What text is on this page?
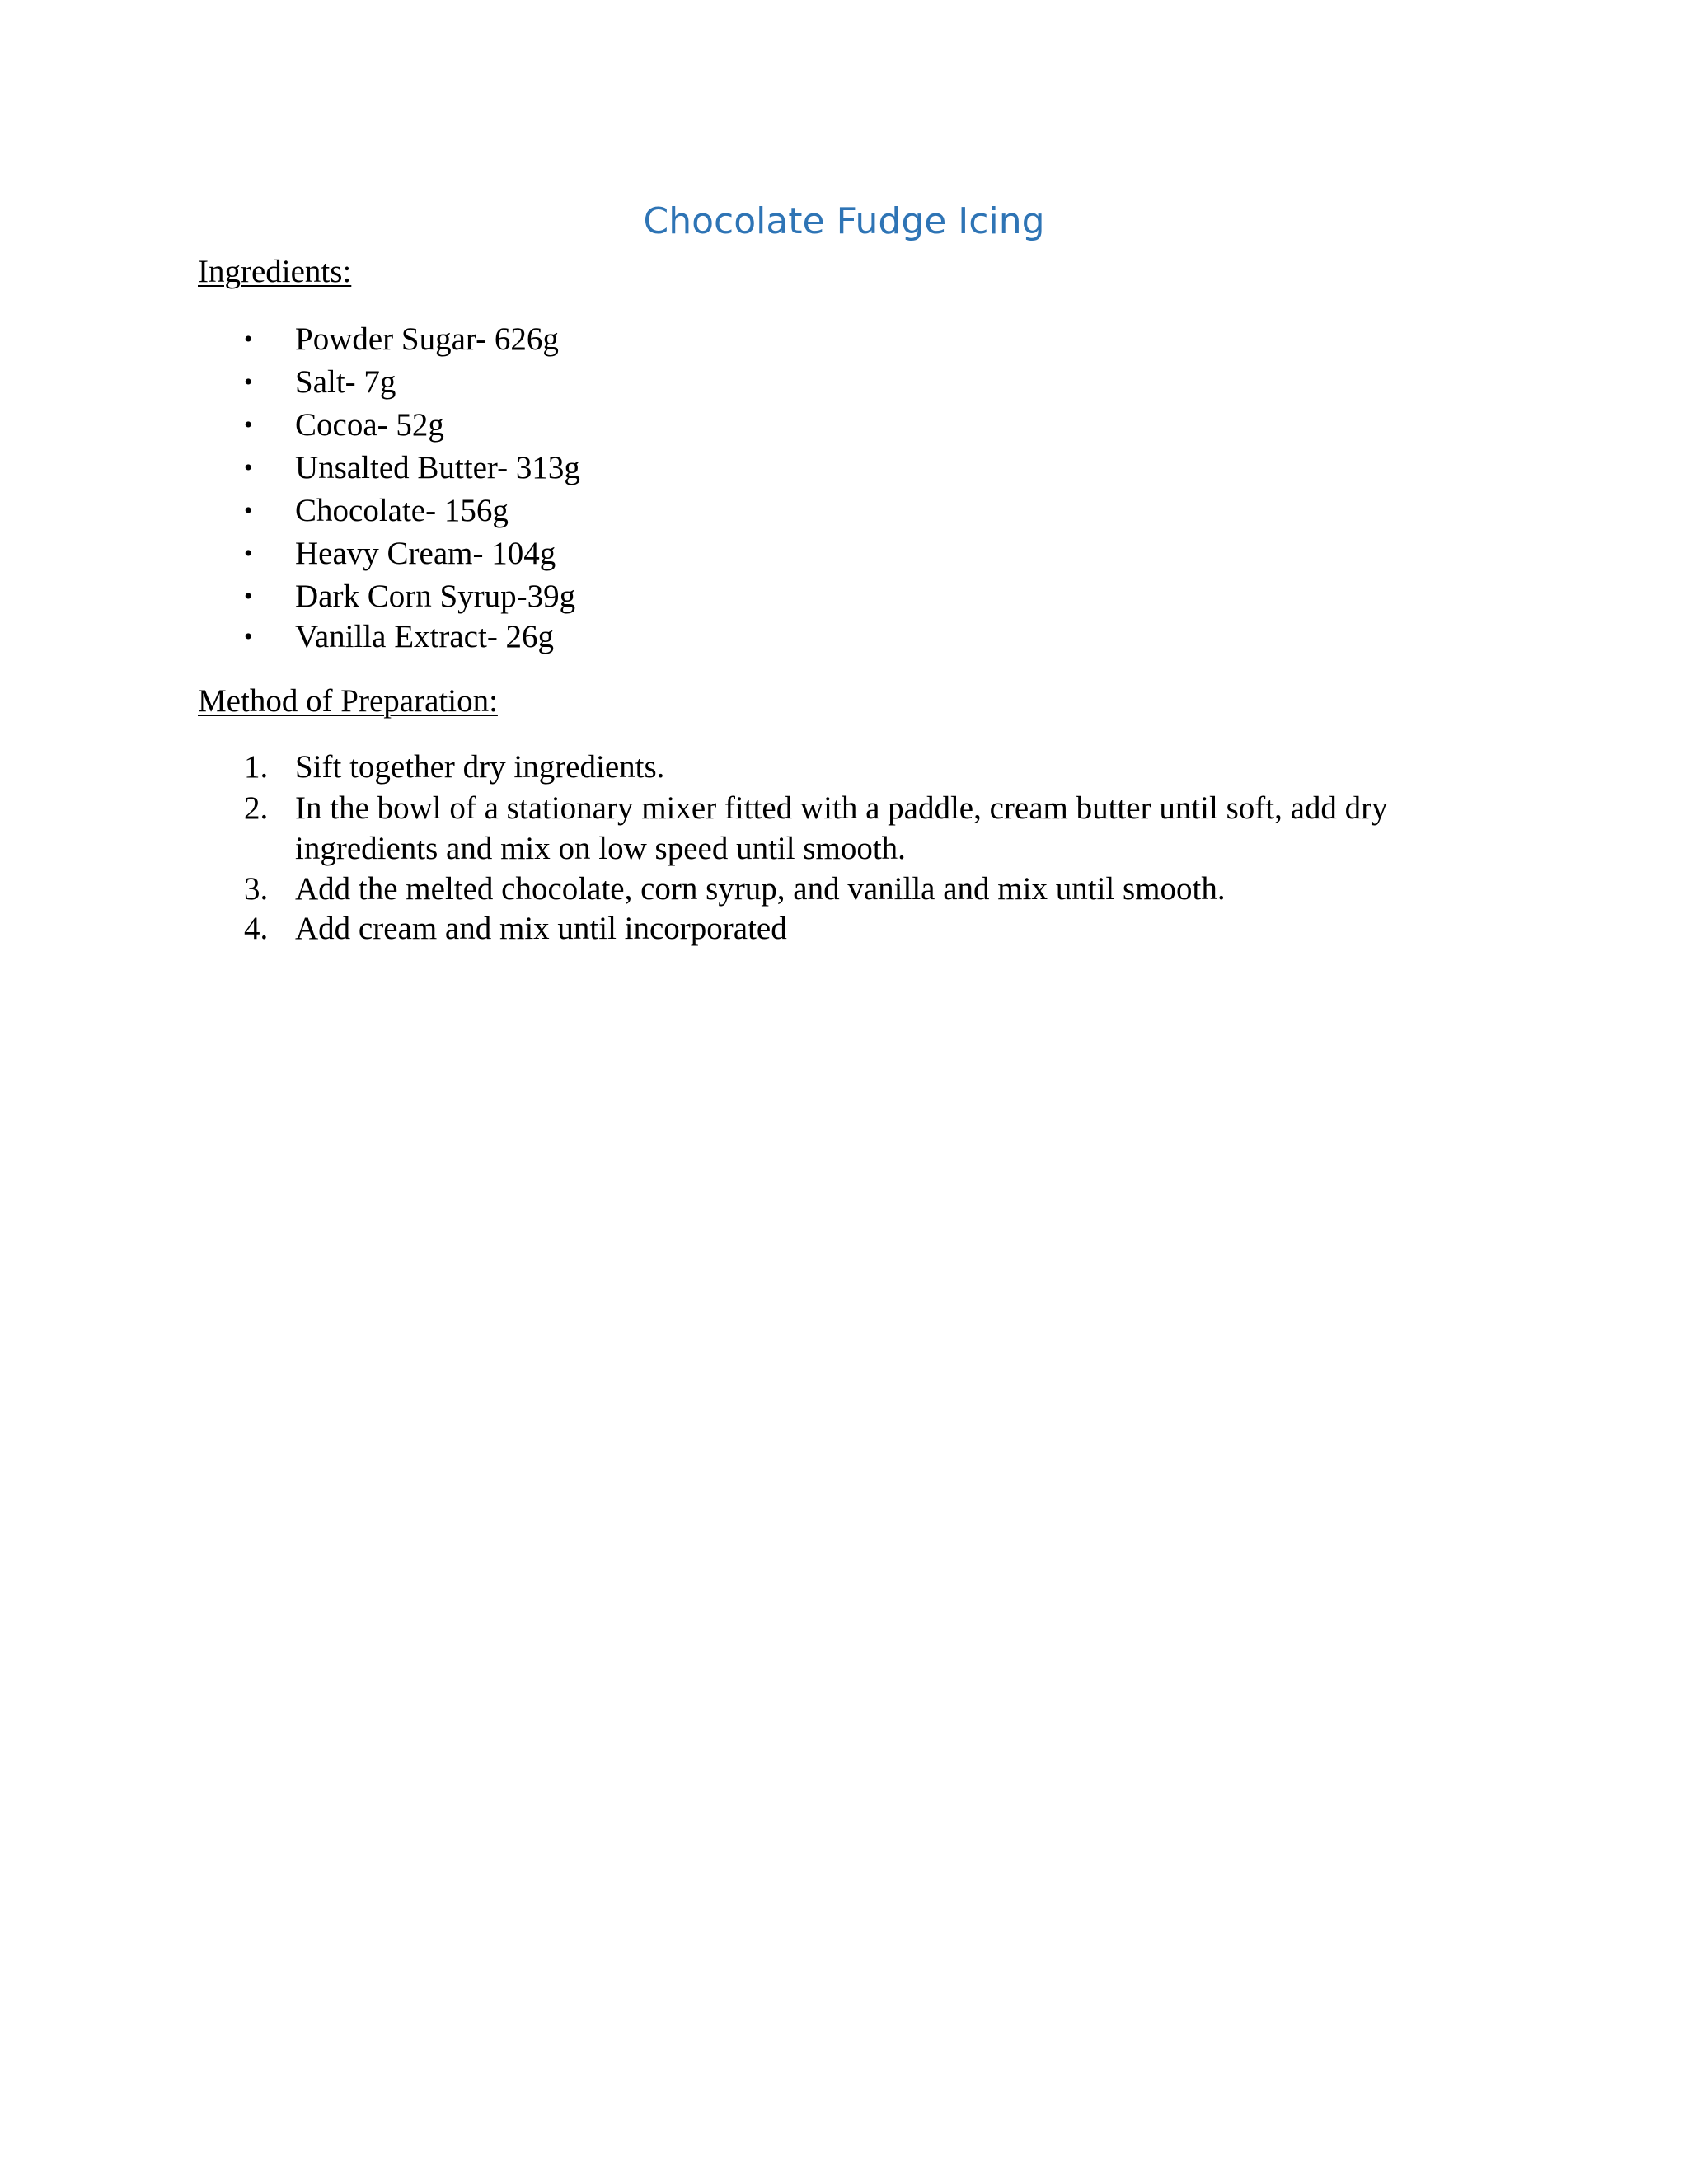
Chocolate Fudge Icing
Ingredients:
• Powder Sugar- 626g
• Salt- 7g
• Cocoa- 52g
• Unsalted Butter- 313g
• Chocolate- 156g
• Heavy Cream- 104g
• Dark Corn Syrup-39g
• Vanilla Extract- 26g
Method of Preparation:
1. Sift together dry ingredients.
2. In the bowl of a stationary mixer fitted with a paddle, cream butter until soft, add dry ingredients and mix on low speed until smooth.
3. Add the melted chocolate, corn syrup, and vanilla and mix until smooth.
4. Add cream and mix until incorporated
